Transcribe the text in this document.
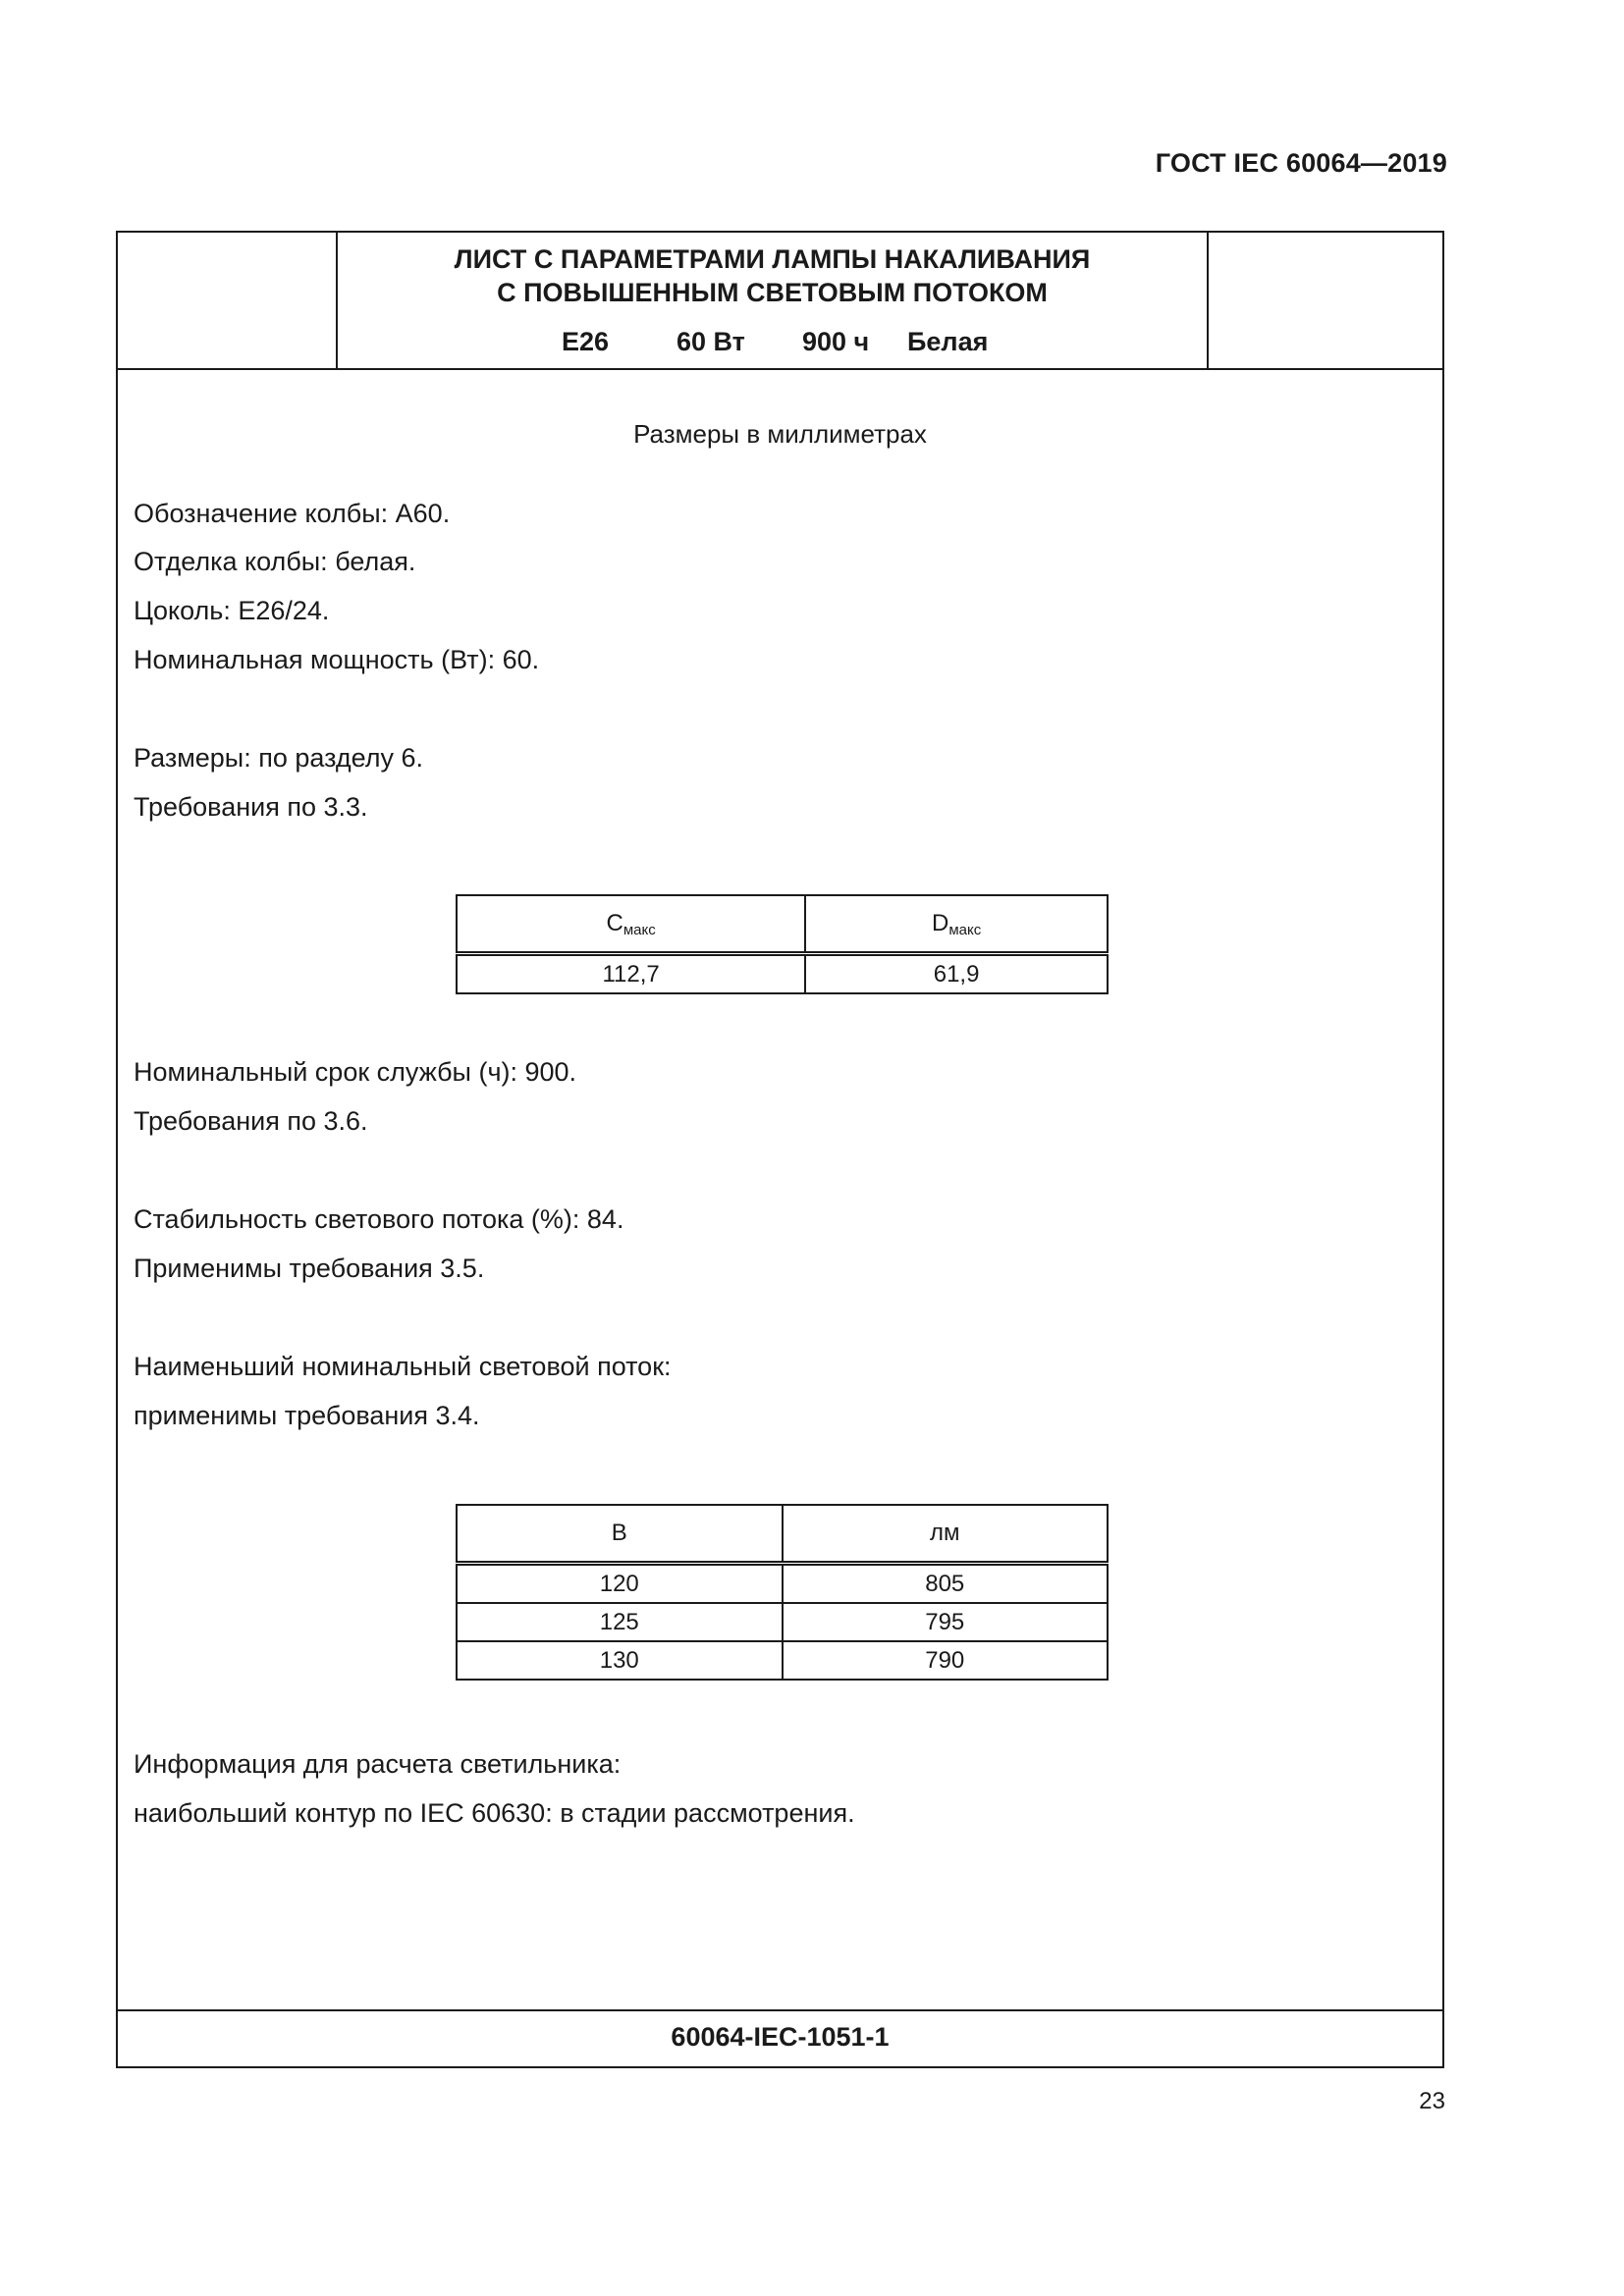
ГОСТ IEC 60064—2019
ЛИСТ С ПАРАМЕТРАМИ ЛАМПЫ НАКАЛИВАНИЯ
С ПОВЫШЕННЫМ СВЕТОВЫМ ПОТОКОМ
E26	60 Вт 900 ч Белая
Размеры в миллиметрах
Обозначение колбы: А60.
Отделка колбы: белая.
Цоколь: E26/24.
Номинальная мощность (Вт): 60.
Размеры: по разделу 6.
Требования по 3.3.
$C_{макс}$	$D_{макс}$
112,7	61,9
Номинальный срок службы (ч): 900.
Требования по 3.6.
Стабильность светового потока (%): 84.
Применимы требования 3.5.
Наименьший номинальный световой поток:
применимы требования 3.4.
В	лм
120	805
125	795
130	790
Информация для расчета светильника:
наибольший контур по IEC 60630: в стадии рассмотрения.
60064-IEC-1051-1
23
